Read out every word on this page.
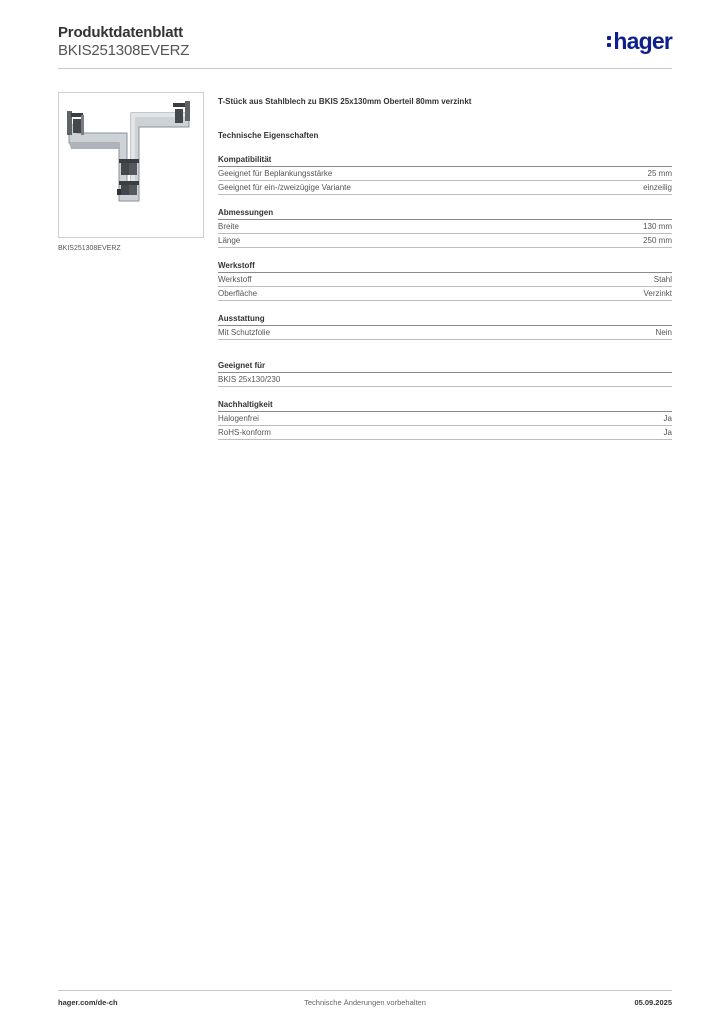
Produktdatenblatt
BKIS251308EVERZ	hager
BKIS251308EVERZ
T-Stück aus Stahlblech zu BKIS 25x130mm Oberteil 80mm verzinkt
Technische Eigenschaften
Kompatibilität
Geeignet für Beplankungsstärke	25 mm
Geeignet für ein-/zweizügige Variante	einzeilig
Abmessungen
Breite	130 mm
Länge	250 mm
Werkstoff
Werkstoff	Stahl
Oberfläche	Verzinkt
Ausstattung
Mit Schutzfolie	Nein
Geeignet für
BKIS 25x130/230
Nachhaltigkeit
Halogenfrei	Ja
RoHS-konform	Ja
hager.com/de-ch	Technische Änderungen vorbehalten	05.09.2025
